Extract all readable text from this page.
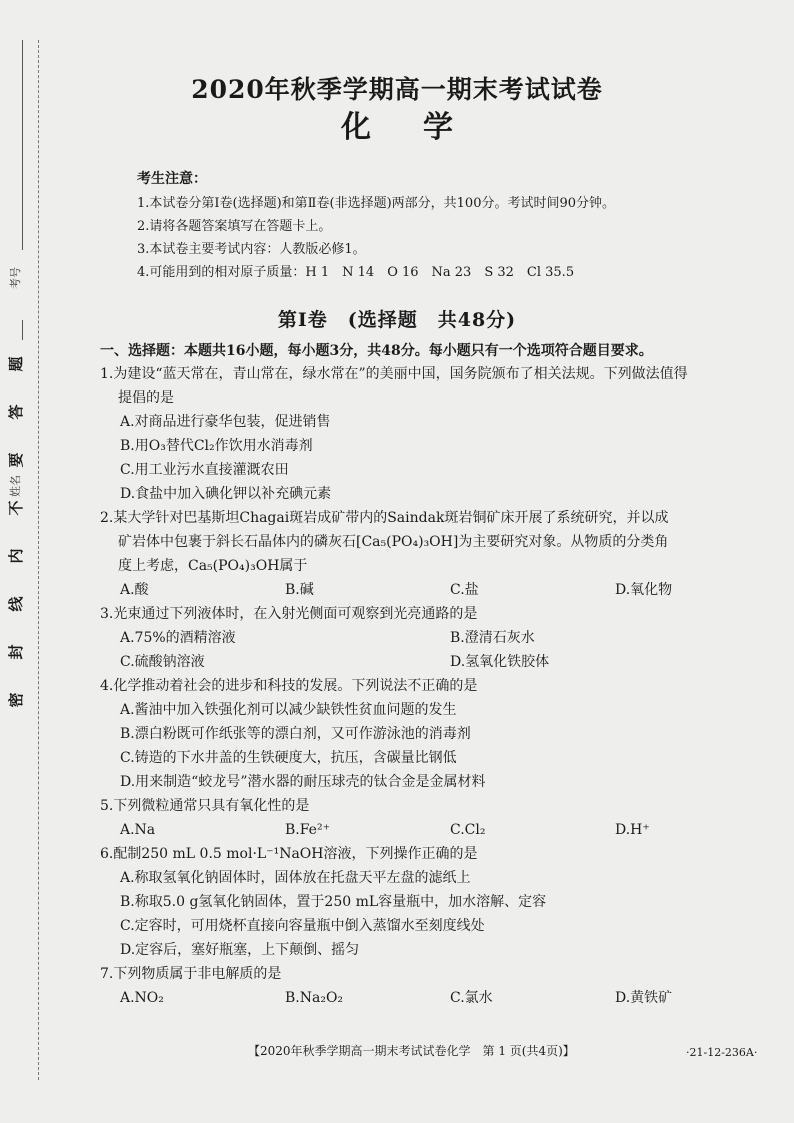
考号
姓名
题
答
要
不
内
线
封
密
2020年秋季学期高一期末考试试卷
化学
考生注意：
1.本试卷分第Ⅰ卷(选择题)和第Ⅱ卷(非选择题)两部分，共100分。考试时间90分钟。
2.请将各题答案填写在答题卡上。
3.本试卷主要考试内容：人教版必修1。
4.可能用到的相对原子质量：H 1　N 14　O 16　Na 23　S 32　Cl 35.5
第Ⅰ卷　(选择题　共48分)
一、选择题：本题共16小题，每小题3分，共48分。每小题只有一个选项符合题目要求。
1.为建设“蓝天常在，青山常在，绿水常在”的美丽中国，国务院颁布了相关法规。下列做法值得
提倡的是
A.对商品进行豪华包装，促进销售
B.用O₃替代Cl₂作饮用水消毒剂
C.用工业污水直接灌溉农田
D.食盐中加入碘化钾以补充碘元素
2.某大学针对巴基斯坦Chagai斑岩成矿带内的Saindak斑岩铜矿床开展了系统研究，并以成
矿岩体中包裹于斜长石晶体内的磷灰石[Ca₅(PO₄)₃OH]为主要研究对象。从物质的分类角
度上考虑，Ca₅(PO₄)₃OH属于
A.酸	B.碱	C.盐	D.氧化物
3.光束通过下列液体时，在入射光侧面可观察到光亮通路的是
A.75%的酒精溶液	B.澄清石灰水
C.硫酸钠溶液	D.氢氧化铁胶体
4.化学推动着社会的进步和科技的发展。下列说法不正确的是
A.酱油中加入铁强化剂可以减少缺铁性贫血问题的发生
B.漂白粉既可作纸张等的漂白剂，又可作游泳池的消毒剂
C.铸造的下水井盖的生铁硬度大，抗压，含碳量比钢低
D.用来制造“蛟龙号”潜水器的耐压球壳的钛合金是金属材料
5.下列微粒通常只具有氧化性的是
A.Na	B.Fe²⁺	C.Cl₂	D.H⁺
6.配制250 mL 0.5 mol·L⁻¹NaOH溶液，下列操作正确的是
A.称取氢氧化钠固体时，固体放在托盘天平左盘的滤纸上
B.称取5.0 g氢氧化钠固体，置于250 mL容量瓶中，加水溶解、定容
C.定容时，可用烧杯直接向容量瓶中倒入蒸馏水至刻度线处
D.定容后，塞好瓶塞，上下颠倒、摇匀
7.下列物质属于非电解质的是
A.NO₂	B.Na₂O₂	C.氯水	D.黄铁矿
【2020年秋季学期高一期末考试试卷化学　第 1 页(共4页)】	·21-12-236A·
